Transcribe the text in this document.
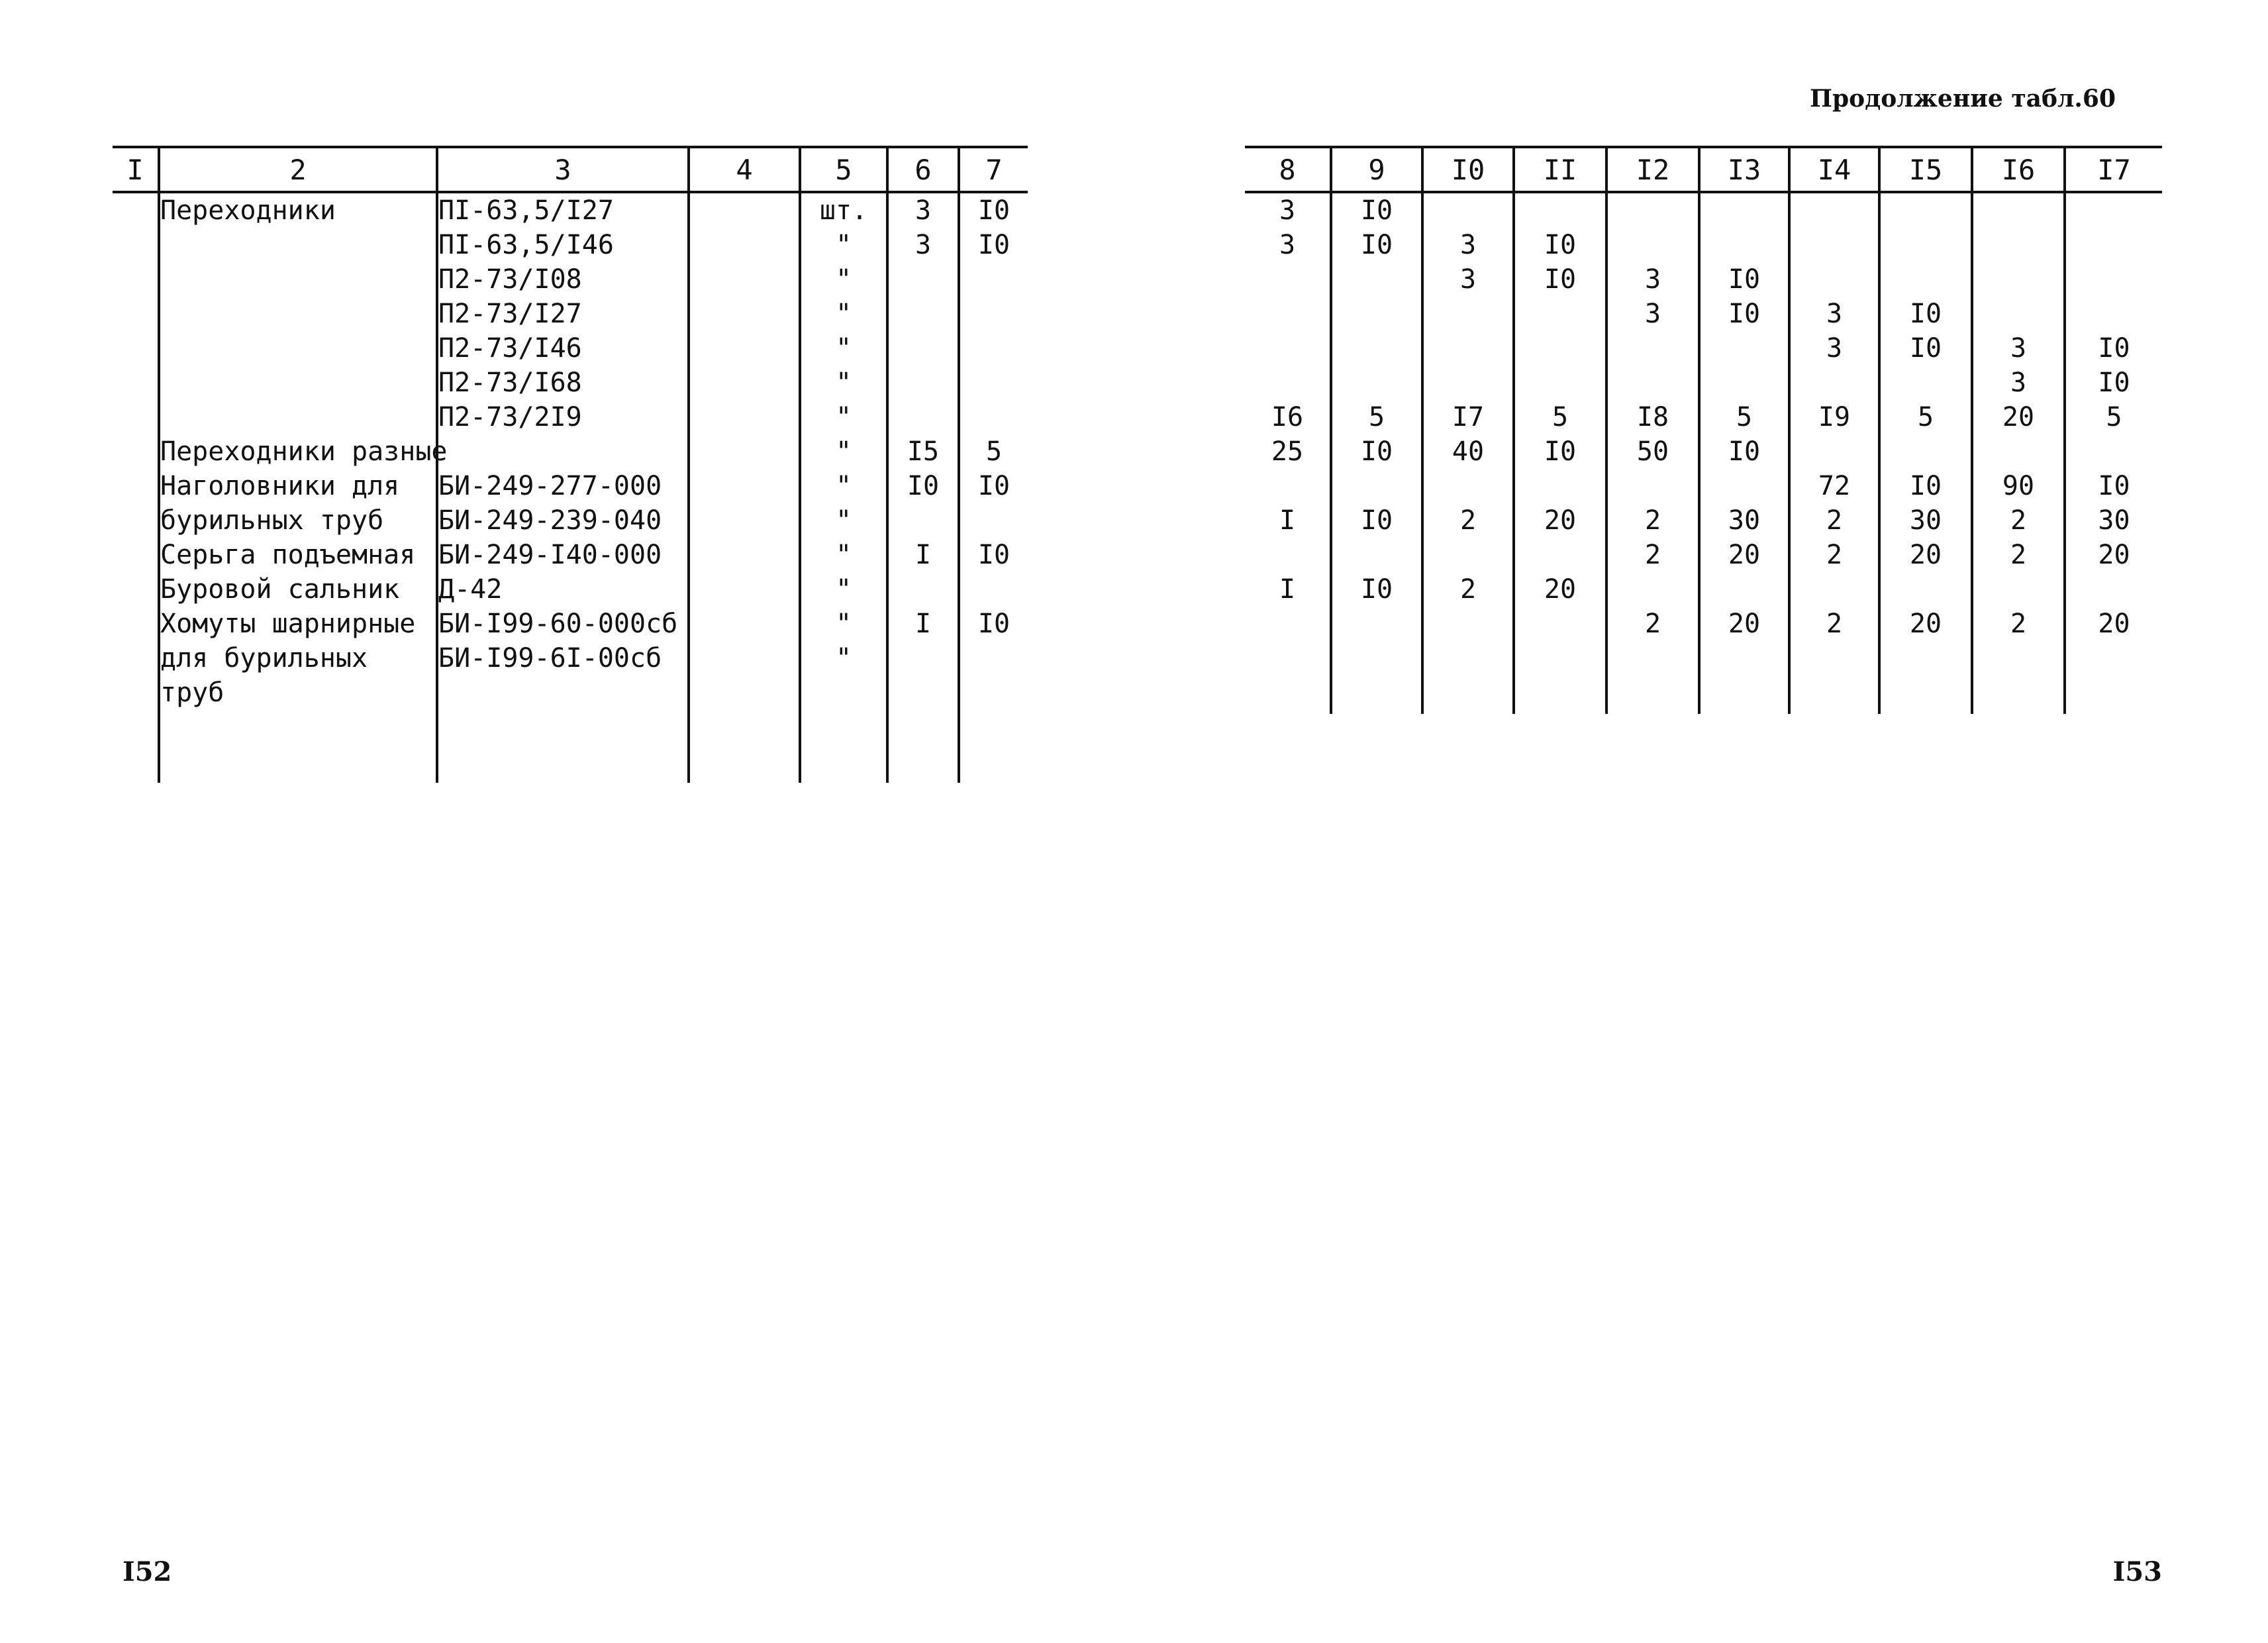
Продолжение табл.60
I	2	3	4	5	6	7
	Переходники	ПI-63,5/I27		шт.	3	I0
		ПI-63,5/I46		"	3	I0
		П2-73/I08		"		
		П2-73/I27		"		
		П2-73/I46		"		
		П2-73/I68		"		
		П2-73/2I9		"		
	Переходники разные			"	I5	5
	Наголовники для	БИ-249-277-000		"	I0	I0
	бурильных труб	БИ-249-239-040		"		
	Серьга подъемная	БИ-249-I40-000		"	I	I0
	Буровой сальник	Д-42		"		
	Хомуты шарнирные	БИ-I99-60-000сб		"	I	I0
	для бурильных	БИ-I99-6I-00сб		"		
	труб					

8	9	I0	II	I2	I3	I4	I5	I6	I7

3	I0								
3	I0	3	I0						
		3	I0	3	I0				
				3	I0	3	I0		
						3	I0	3	I0
								3	I0
I6	5	I7	5	I8	5	I9	5	20	5
25	I0	40	I0	50	I0				
						72	I0	90	I0
I	I0	2	20	2	30	2	30	2	30
				2	20	2	20	2	20
I	I0	2	20						
				2	20	2	20	2	20

I52	I53
